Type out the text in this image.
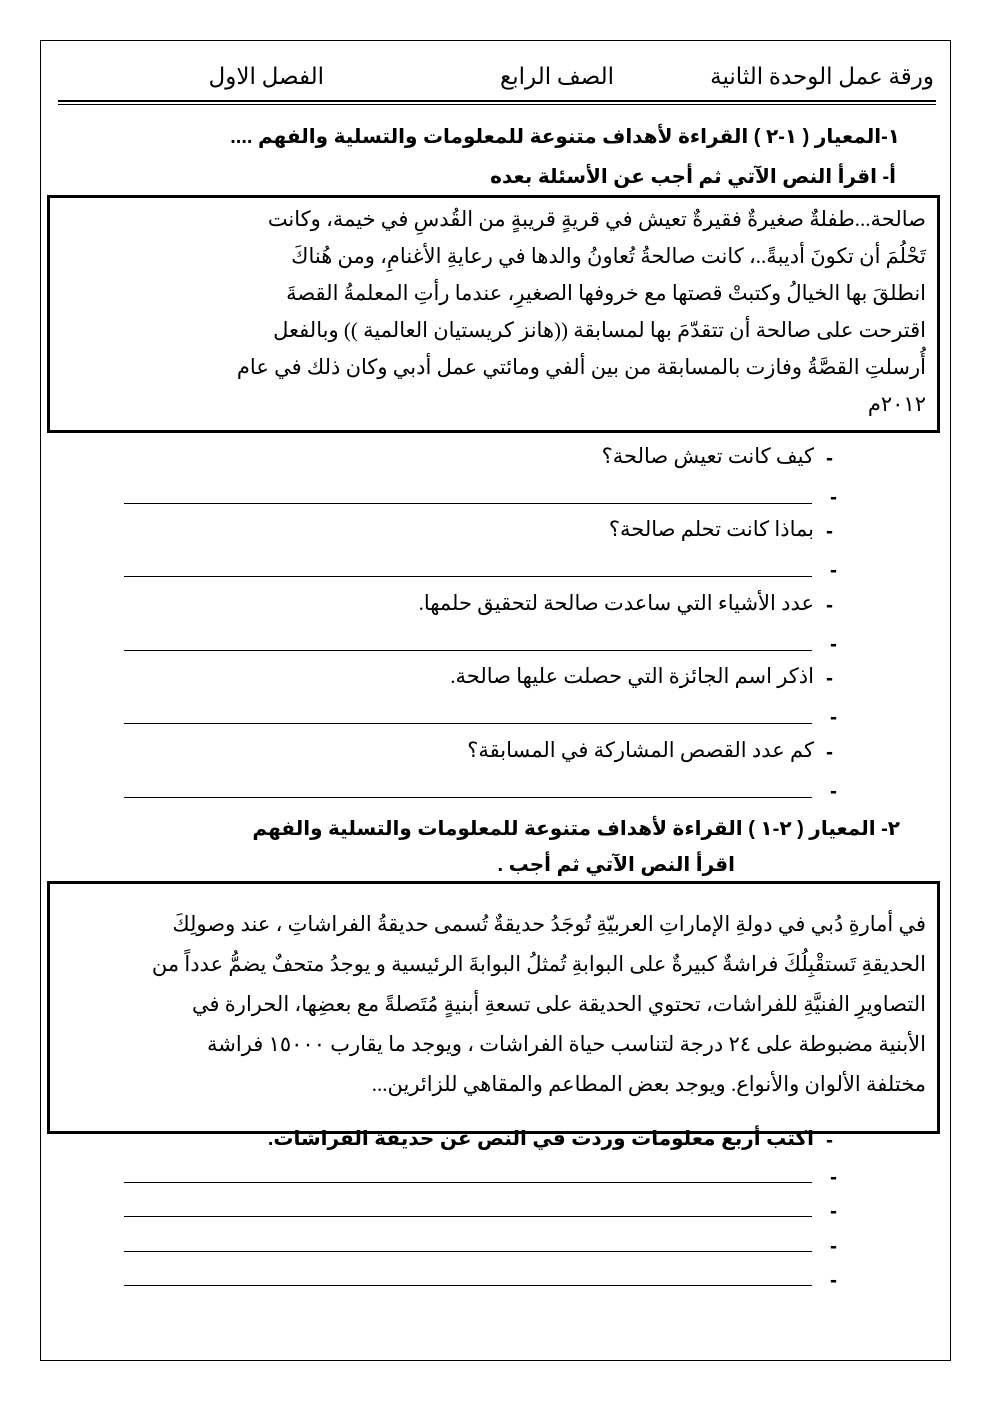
ورقة عمل الوحدة الثانية
الصف الرابع
الفصل الاول
١-المعيار ( ١-٢ ) القراءة لأهداف متنوعة للمعلومات والتسلية والفهم ....
أ- اقرأ النص الآتي ثم أجب عن الأسئلة بعده
صالحة...طفلةٌ صغيرةٌ فقيرةٌ تعيش في قريةٍ قريبةٍ من القُدسِ في خيمة، وكانت
تَحْلُمَ أن تكونَ أديبةً..، كانت صالحةُ تُعاونُ والدها في رعايةِ الأغنامِ، ومن هُناكَ
انطلقَ بها الخيالُ وكتبتْ قصتها مع خروفها الصغيرِ، عندما رأتِ المعلمةُ القصةَ
اقترحت على صالحة أن تتقدّمَ بها لمسابقة ((هانز كريستيان العالمية )) وبالفعل
أُرسلتِ القصَّةُ وفازت بالمسابقة من بين ألفي ومائتي عمل أدبي وكان ذلك في عام
٢٠١٢م
-
كيف كانت تعيش صالحة؟
-
-
بماذا كانت تحلم صالحة؟
-
-
عدد الأشياء التي ساعدت صالحة لتحقيق حلمها.
-
-
اذكر اسم الجائزة التي حصلت عليها صالحة.
-
-
كم عدد القصص المشاركة في المسابقة؟
-
٢- المعيار ( ٢-١ ) القراءة لأهداف متنوعة للمعلومات والتسلية والفهم
اقرأ النص الآتي ثم أجب .
في أمارةِ دُبي في دولةِ الإماراتِ العربيّةِ تُوجَدُ حديقةٌ تُسمى حديقةُ الفراشاتِ ، عند وصولِكَ
الحديقةِ تَستقْبِلُكَ فراشةٌ كبيرةٌ على البوابةِ تُمثلُ البوابةَ الرئيسية و يوجدُ متحفٌ يضمُّ عدداً من
التصاويرِ الفنيَّةِ للفراشات، تحتوي الحديقة على تسعةِ أبنيةٍ مُتَصلةً مع بعضِها، الحرارة في
الأبنية مضبوطة على ٢٤ درجة لتناسب حياة الفراشات ، ويوجد ما يقارب ١٥٠٠٠ فراشة
مختلفة الألوان والأنواع. ويوجد بعض المطاعم والمقاهي للزائرين...
-
اكتب أربع معلومات وردت في النص عن حديقة الفراشات.
-
-
-
-
